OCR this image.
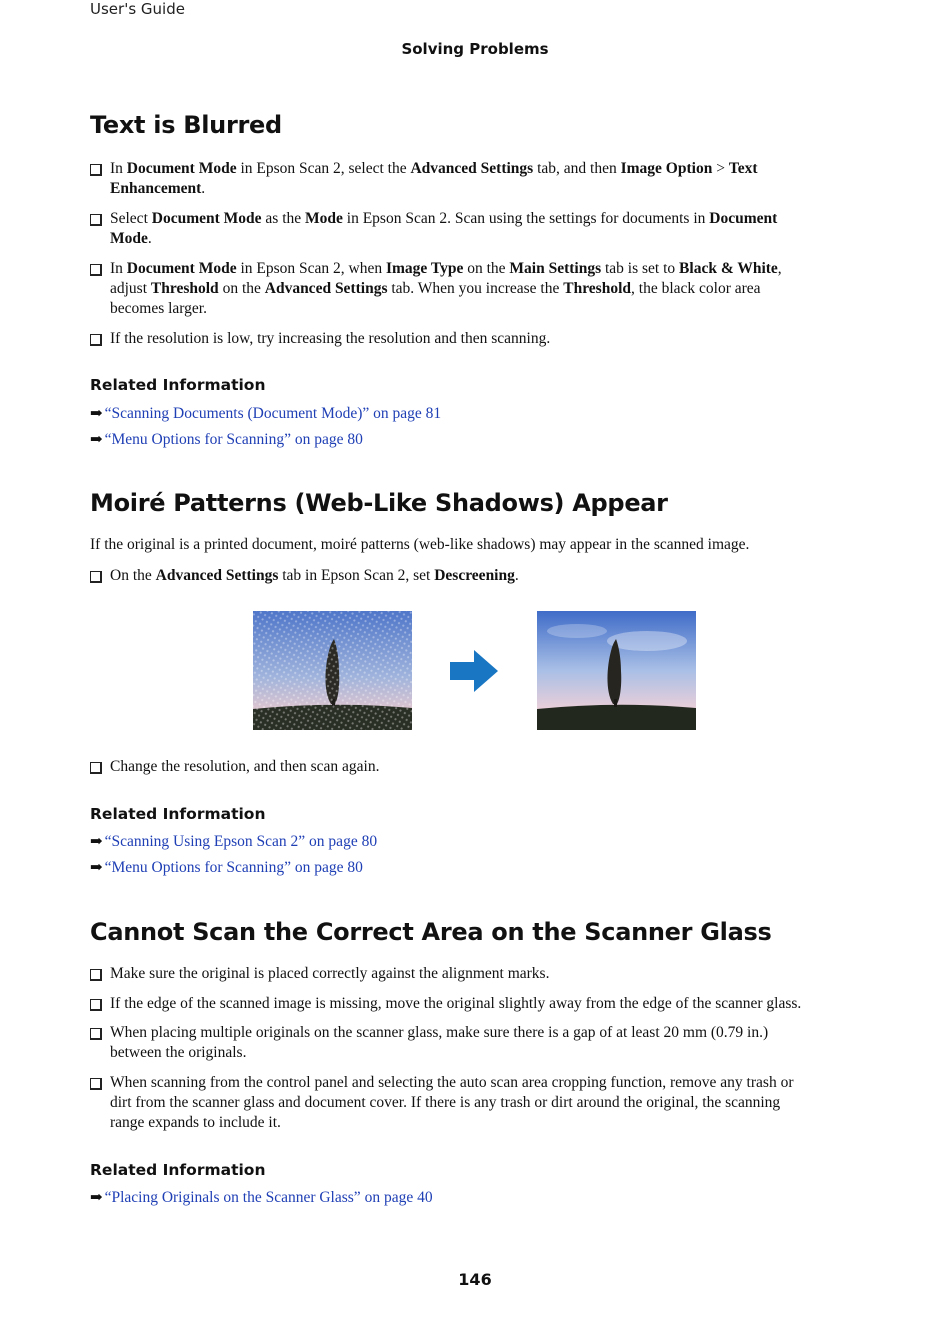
User's Guide
Solving Problems
Text is Blurred
In Document Mode in Epson Scan 2, select the Advanced Settings tab, and then Image Option > Text
Enhancement.
Select Document Mode as the Mode in Epson Scan 2. Scan using the settings for documents in Document
Mode.
In Document Mode in Epson Scan 2, when Image Type on the Main Settings tab is set to Black & White,
adjust Threshold on the Advanced Settings tab. When you increase the Threshold, the black color area
becomes larger.
If the resolution is low, try increasing the resolution and then scanning.
Related Information
➡ “Scanning Documents (Document Mode)” on page 81
➡ “Menu Options for Scanning” on page 80
Moiré Patterns (Web-Like Shadows) Appear
If the original is a printed document, moiré patterns (web-like shadows) may appear in the scanned image.
On the Advanced Settings tab in Epson Scan 2, set Descreening.
Change the resolution, and then scan again.
Related Information
➡ “Scanning Using Epson Scan 2” on page 80
➡ “Menu Options for Scanning” on page 80
Cannot Scan the Correct Area on the Scanner Glass
Make sure the original is placed correctly against the alignment marks.
If the edge of the scanned image is missing, move the original slightly away from the edge of the scanner glass.
When placing multiple originals on the scanner glass, make sure there is a gap of at least 20 mm (0.79 in.)
between the originals.
When scanning from the control panel and selecting the auto scan area cropping function, remove any trash or
dirt from the scanner glass and document cover. If there is any trash or dirt around the original, the scanning
range expands to include it.
Related Information
➡ “Placing Originals on the Scanner Glass” on page 40
146
